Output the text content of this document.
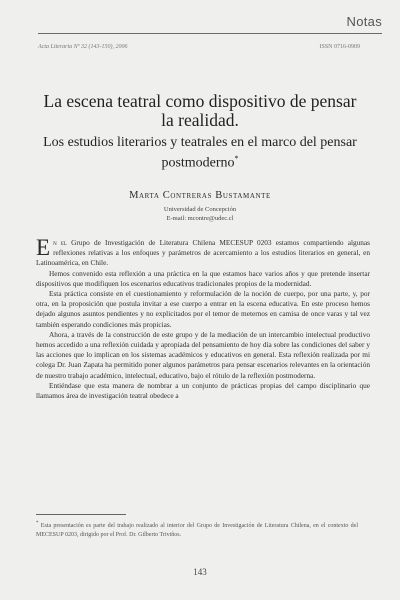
Notas
Acta Literaria Nº 32 (143-150), 2006	ISSN 0716-0909
La escena teatral como dispositivo de pensar la realidad.
Los estudios literarios y teatrales en el marco del pensar postmoderno*
Marta Contreras Bustamante
Universidad de Concepción
E-mail: mcontre@udec.cl

En el Grupo de Investigación de Literatura Chilena MECESUP 0203 estamos compartiendo algunas reflexiones relativas a los enfoques y parámetros de acercamiento a los estudios literarios en general, en Latinoamérica, en Chile.

Hemos convenido esta reflexión a una práctica en la que estamos hace varios años y que pretende insertar dispositivos que modifiquen los escenarios educativos tradicionales propios de la modernidad.

Esta práctica consiste en el cuestionamiento y reformulación de la noción de cuerpo, por una parte, y, por otra, en la proposición que postula invitar a ese cuerpo a entrar en la escena educativa. En este proceso hemos dejado algunos asuntos pendientes y no explicitados por el temor de meternos en camisa de once varas y tal vez también esperando condiciones más propicias.

Ahora, a través de la construcción de este grupo y de la mediación de un intercambio intelectual productivo hemos accedido a una reflexión cuidada y apropiada del pensamiento de hoy día sobre las condiciones del saber y las acciones que lo implican en los sistemas académicos y educativos en general. Esta reflexión realizada por mi colega Dr. Juan Zapata ha permitido poner algunos parámetros para pensar escenarios relevantes en la orientación de nuestro trabajo académico, intelectual, educativo, bajo el rótulo de la reflexión postmoderna.

Entiéndase que esta manera de nombrar a un conjunto de prácticas propias del campo disciplinario que llamamos área de investigación teatral obedece a

* Esta presentación es parte del trabajo realizado al interior del Grupo de Investigación de Literatura Chilena, en el contexto del MECESUP 0203, dirigido por el Prof. Dr. Gilberto Triviños.
143
